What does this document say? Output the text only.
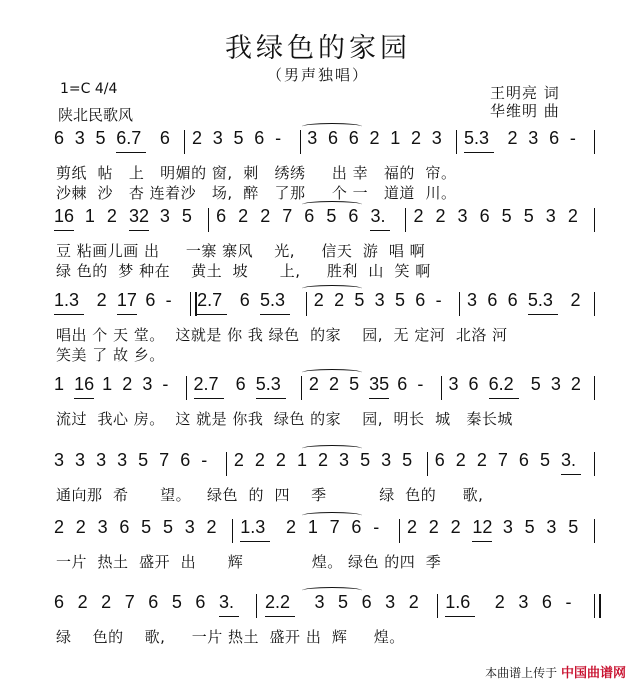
我绿色的家园
（男声独唱）
1=C 4/4
陕北民歌风
王明亮 词
华维明 曲
6 3 5 6.7 6 2 3 5 6 - 3 6 6 2 1 2 3 5.3 2 3 6 -
剪纸  帖   上   明媚的 窗,  刺   绣绣     出 幸   福的  帘。
沙棘  沙   杏 连着沙   场,  醉   了那     个 一   道道  川。
16 1 2 32 3 5 6 2 2 7 6 5 6 3. 2 2 3 6 5 5 3 2
豆 粘画儿画 出     一寨 寨风    光,     信天  游  唱 啊
绿 色的  梦 种在    黄土  坡      上,     胜利  山  笑 啊
1.3 2 17 6 - 2.7 6 5.3 2 2 5 3 5 6 - 3 6 6 5.3 2
唱出 个 天 堂。  这就是 你 我 绿色  的家    园,  无 定河  北洛 河
笑美 了 故 乡。
1 16 1 2 3 - 2.7 6 5.3 2 2 5 35 6 - 3 6 6.2 5 3 2
流过  我心 房。  这 就是 你我  绿色 的家    园,  明长  城   秦长城
3 3 3 3 5 7 6 - 2 2 2 1 2 3 5 3 5 6 2 2 7 6 5 3.
通向那  希      望。   绿色  的  四    季          绿  色的     歌,
2 2 3 6 5 5 3 2 1.3 2 1 7 6 - 2 2 2 12 3 5 3 5
一片  热土  盛开  出      辉             煌。 绿色 的四  季
6 2 2 7 6 5 6 3. 2.2 3 5 6 3 2 1.6 2 3 6 -
绿    色的    歌,     一片 热土  盛开 出  辉     煌。
本曲谱上传于 中国曲谱网
